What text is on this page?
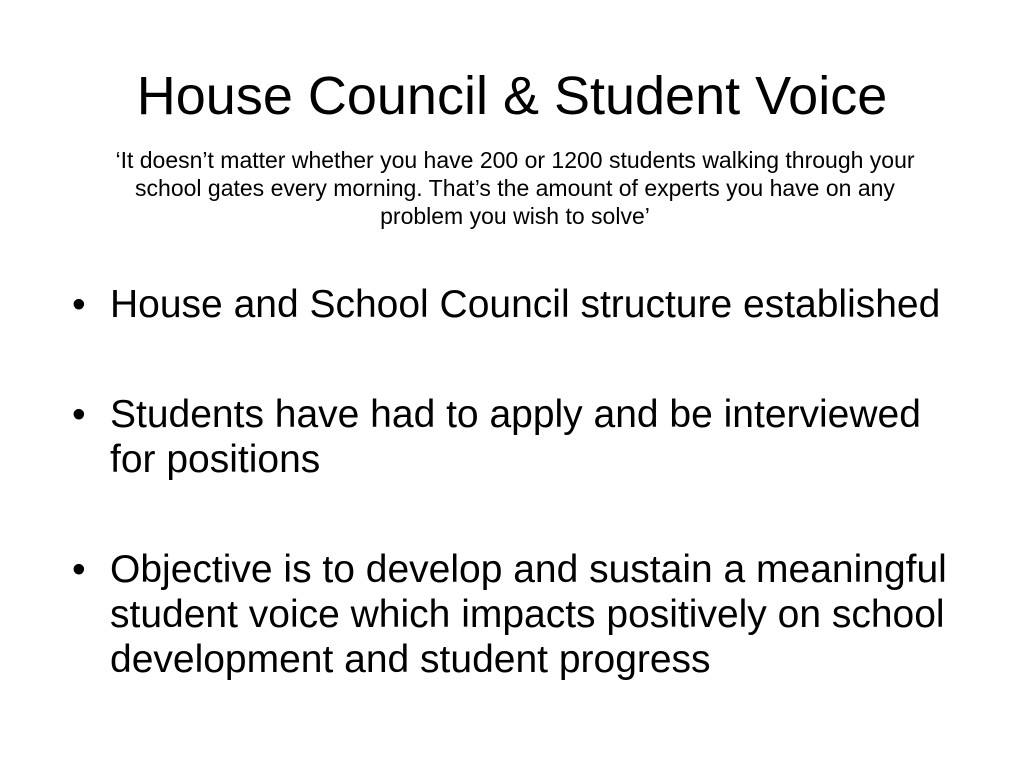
House Council & Student Voice

‘It doesn’t matter whether you have 200 or 1200 students walking through your school gates every morning. That’s the amount of experts you have on any problem you wish to solve’

• House and School Council structure established
• Students have had to apply and be interviewed for positions
• Objective is to develop and sustain a meaningful student voice which impacts positively on school development and student progress
